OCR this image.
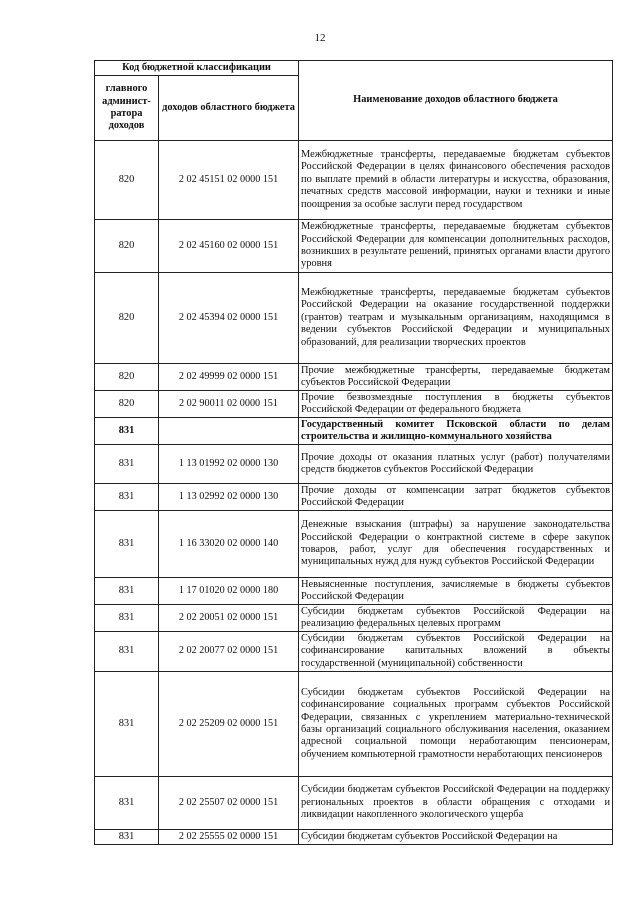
12
Код бюджетной классификации		Наименование доходов областного бюджета
главного админист-ратора доходов	доходов областного бюджета	
820	2 02 45151 02 0000 151	Межбюджетные трансферты, передаваемые бюджетам субъектов Российской Федерации в целях финансового обеспечения расходов по выплате премий в области литературы и искусства, образования, печатных средств массовой информации, науки и техники и иные поощрения за особые заслуги перед государством
820	2 02 45160 02 0000 151	Межбюджетные трансферты, передаваемые бюджетам субъектов Российской Федерации для компенсации дополнительных расходов, возникших в результате решений, принятых органами власти другого уровня
820	2 02 45394 02 0000 151	Межбюджетные трансферты, передаваемые бюджетам субъектов Российской Федерации на оказание государственной поддержки (грантов) театрам и музыкальным организациям, находящимся в ведении субъектов Российской Федерации и муниципальных образований, для реализации творческих проектов
820	2 02 49999 02 0000 151	Прочие межбюджетные трансферты, передаваемые бюджетам субъектов Российской Федерации
820	2 02 90011 02 0000 151	Прочие безвозмездные поступления в бюджеты субъектов Российской Федерации от федерального бюджета
831		Государственный комитет Псковской области по делам строительства и жилищно-коммунального хозяйства
831	1 13 01992 02 0000 130	Прочие доходы от оказания платных услуг (работ) получателями средств бюджетов субъектов Российской Федерации
831	1 13 02992 02 0000 130	Прочие доходы от компенсации затрат бюджетов субъектов Российской Федерации
831	1 16 33020 02 0000 140	Денежные взыскания (штрафы) за нарушение законодательства Российской Федерации о контрактной системе в сфере закупок товаров, работ, услуг для обеспечения государственных и муниципальных нужд для нужд субъектов Российской Федерации
831	1 17 01020 02 0000 180	Невыясненные поступления, зачисляемые в бюджеты субъектов Российской Федерации
831	2 02 20051 02 0000 151	Субсидии бюджетам субъектов Российской Федерации на реализацию федеральных целевых программ
831	2 02 20077 02 0000 151	Субсидии бюджетам субъектов Российской Федерации на софинансирование капитальных вложений в объекты государственной (муниципальной) собственности
831	2 02 25209 02 0000 151	Субсидии бюджетам субъектов Российской Федерации на софинансирование социальных программ субъектов Российской Федерации, связанных с укреплением материально-технической базы организаций социального обслуживания населения, оказанием адресной социальной помощи неработающим пенсионерам, обучением компьютерной грамотности неработающих пенсионеров
831	2 02 25507 02 0000 151	Субсидии бюджетам субъектов Российской Федерации на поддержку региональных проектов в области обращения с отходами и ликвидации накопленного экологического ущерба
831	2 02 25555 02 0000 151	Субсидии бюджетам субъектов Российской Федерации на
